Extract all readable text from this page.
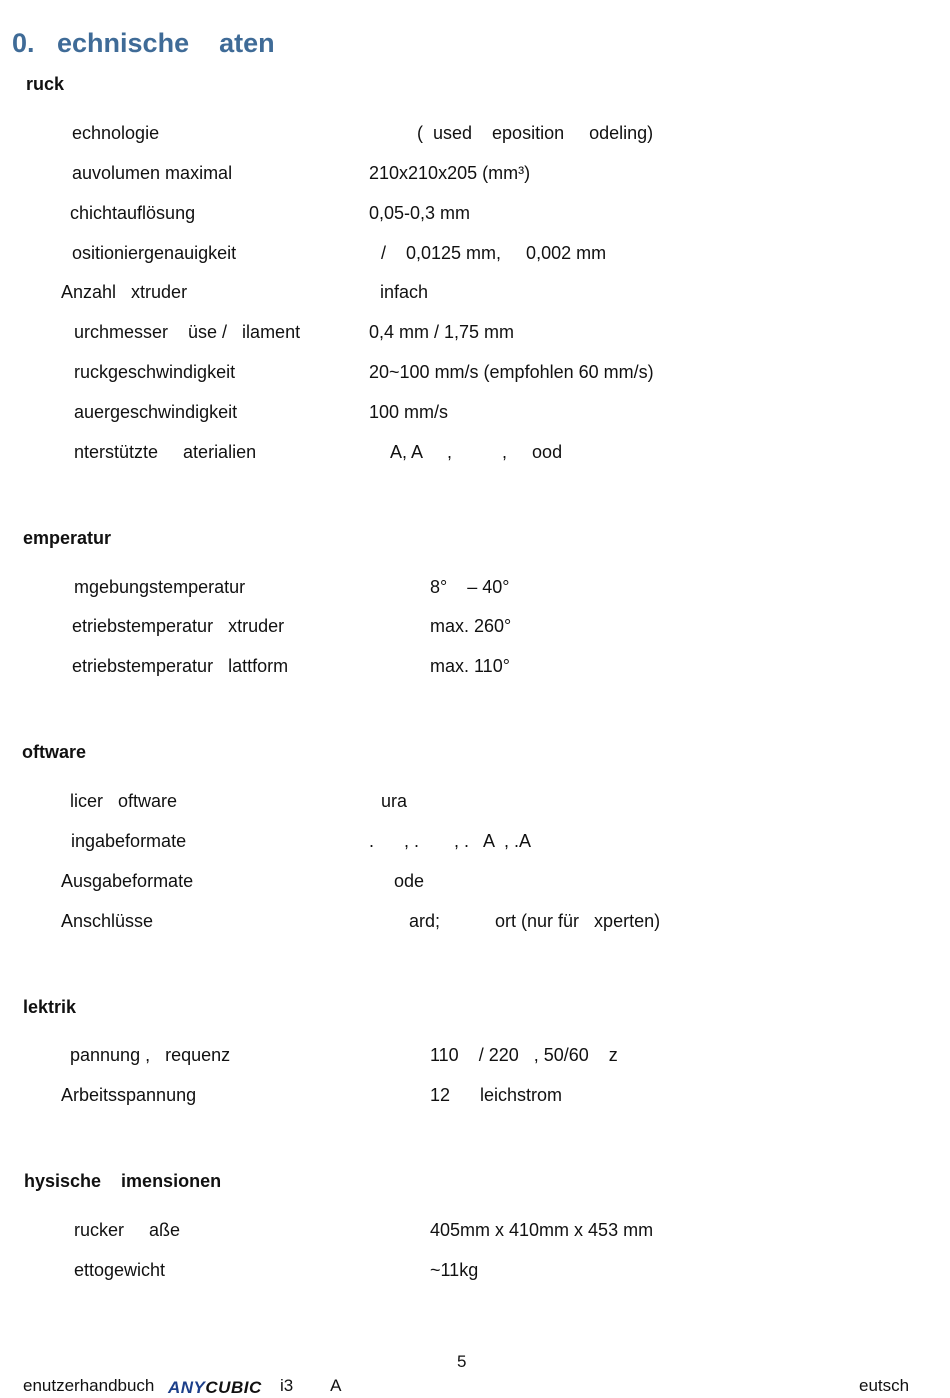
0.   echnische    aten
ruck
echnologie	(  used    eposition     odeling)
auvolumen maximal	210x210x205 (mm³)
chichtauflösung	0,05-0,3 mm
ositioniergenauigkeit	/    0,0125 mm,     0,002 mm
Anzahl   xtruder	infach
urchmesser    üse /   ilament	0,4 mm / 1,75 mm
ruckgeschwindigkeit	20~100 mm/s (empfohlen 60 mm/s)
auergeschwindigkeit	100 mm/s
nterstützte     aterialien	A, A     ,          ,     ood
emperatur
mgebungstemperatur	8°    – 40°
etriebstemperatur   xtruder	max. 260°
etriebstemperatur   lattform	max. 110°
oftware
licer   oftware	ura
ingabeformate	.      , .       , .   A  , .A
Ausgabeformate	ode
Anschlüsse	ard;           ort (nur für   xperten)
lektrik
pannung ,   requenz	110    / 220   , 50/60    z
Arbeitsspannung	12      leichstrom
hysische    imensionen
rucker     aße	405mm x 410mm x 453 mm
ettogewicht	~11kg
5
enutzerhandbuch ANYCUBIC i3        A	eutsch
